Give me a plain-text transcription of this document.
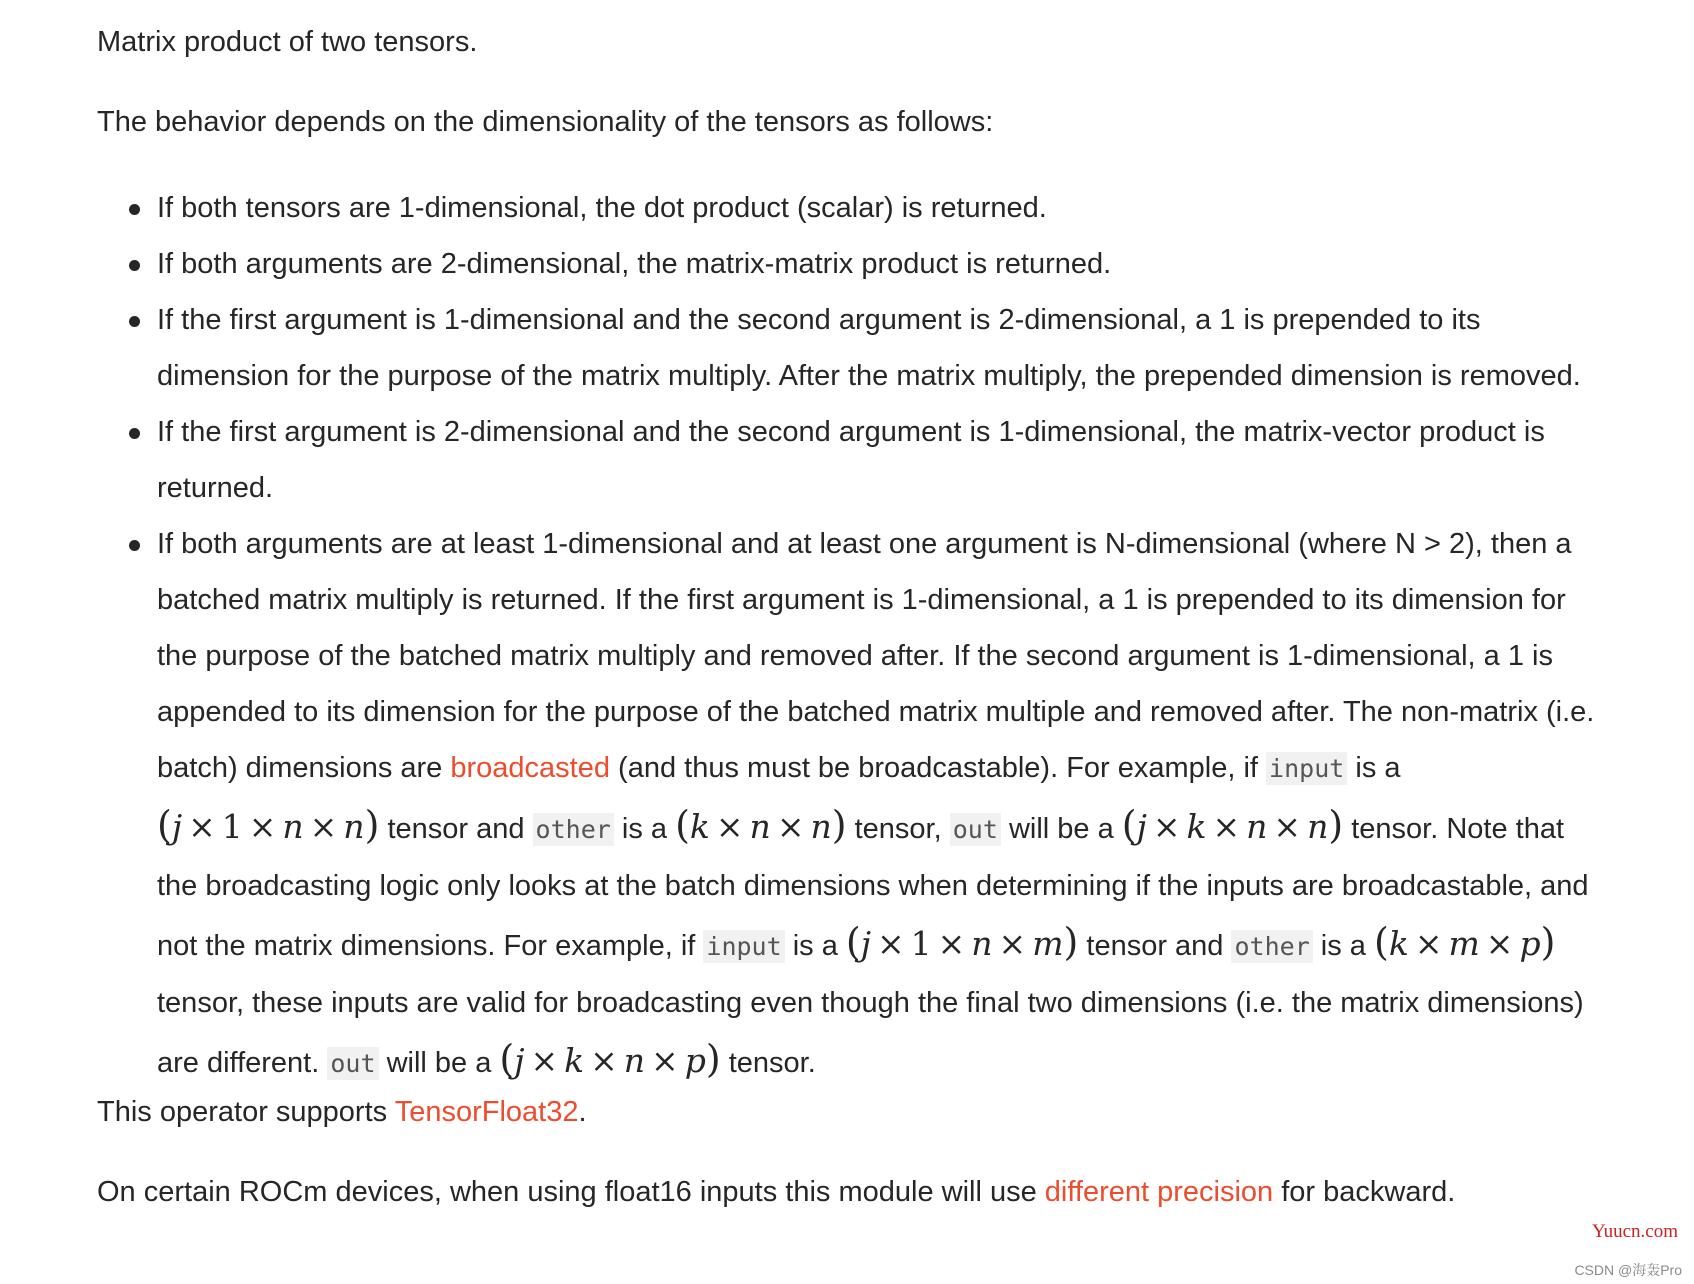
Matrix product of two tensors.

The behavior depends on the dimensionality of the tensors as follows:

If both tensors are 1-dimensional, the dot product (scalar) is returned.
If both arguments are 2-dimensional, the matrix-matrix product is returned.
If the first argument is 1-dimensional and the second argument is 2-dimensional, a 1 is prepended to its dimension for the purpose of the matrix multiply. After the matrix multiply, the prepended dimension is removed.
If the first argument is 2-dimensional and the second argument is 1-dimensional, the matrix-vector product is returned.
If both arguments are at least 1-dimensional and at least one argument is N-dimensional (where N > 2), then a batched matrix multiply is returned. If the first argument is 1-dimensional, a 1 is prepended to its dimension for the purpose of the batched matrix multiply and removed after. If the second argument is 1-dimensional, a 1 is appended to its dimension for the purpose of the batched matrix multiple and removed after. The non-matrix (i.e. batch) dimensions are broadcasted (and thus must be broadcastable). For example, if input is a (j × 1 × n × n) tensor and other is a (k × n × n) tensor, out will be a (j × k × n × n) tensor. Note that the broadcasting logic only looks at the batch dimensions when determining if the inputs are broadcastable, and not the matrix dimensions. For example, if input is a (j × 1 × n × m) tensor and other is a (k × m × p) tensor, these inputs are valid for broadcasting even though the final two dimensions (i.e. the matrix dimensions) are different. out will be a (j × k × n × p) tensor.

This operator supports TensorFloat32.

On certain ROCm devices, when using float16 inputs this module will use different precision for backward.

Yuucn.com
CSDN @海轰Pro
